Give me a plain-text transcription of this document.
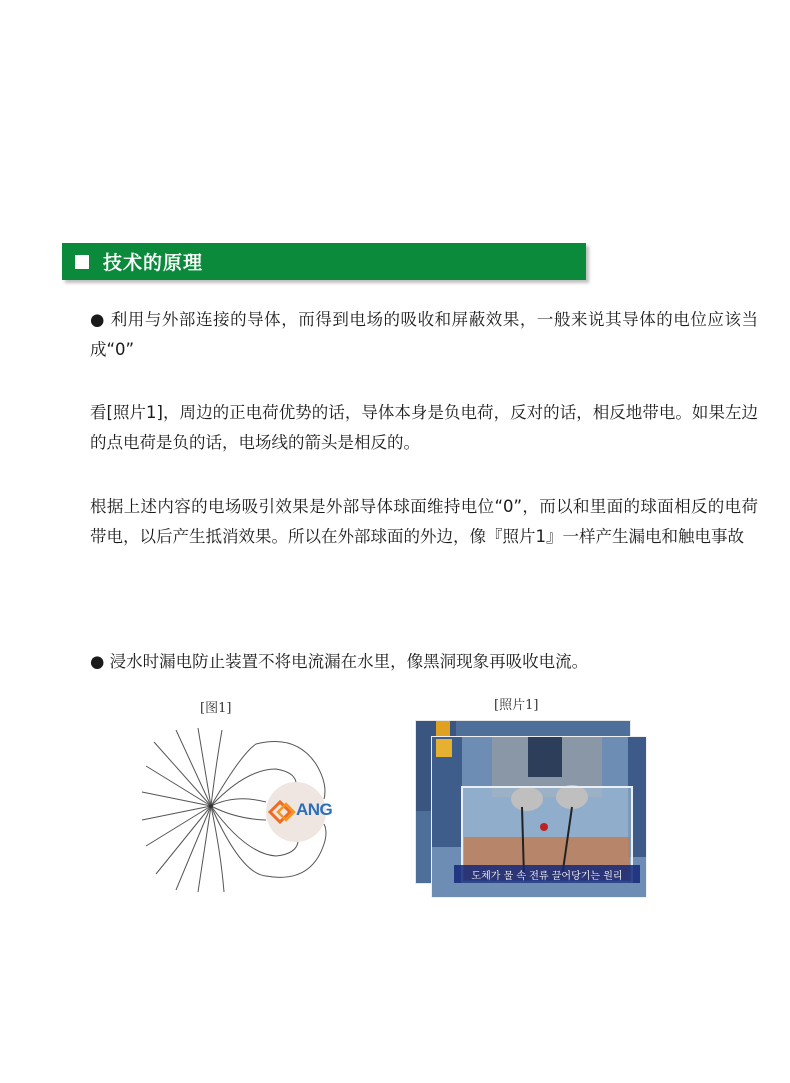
技术的原理
● 利用与外部连接的导体，而得到电场的吸收和屏蔽效果，一般来说其导体的电位应该当成“0”
看[照片1]，周边的正电荷优势的话，导体本身是负电荷，反对的话，相反地带电。如果左边的点电荷是负的话，电场线的箭头是相反的。
根据上述内容的电场吸引效果是外部导体球面维持电位“0”，而以和里面的球面相反的电荷带电，以后产生抵消效果。所以在外部球面的外边，像『照片1』一样产生漏电和触电事故
● 浸水时漏电防止装置不将电流漏在水里，像黑洞现象再吸收电流。
[图1]	[照片1]
ANG
도체가 물 속 전류 끌어당기는 원리
